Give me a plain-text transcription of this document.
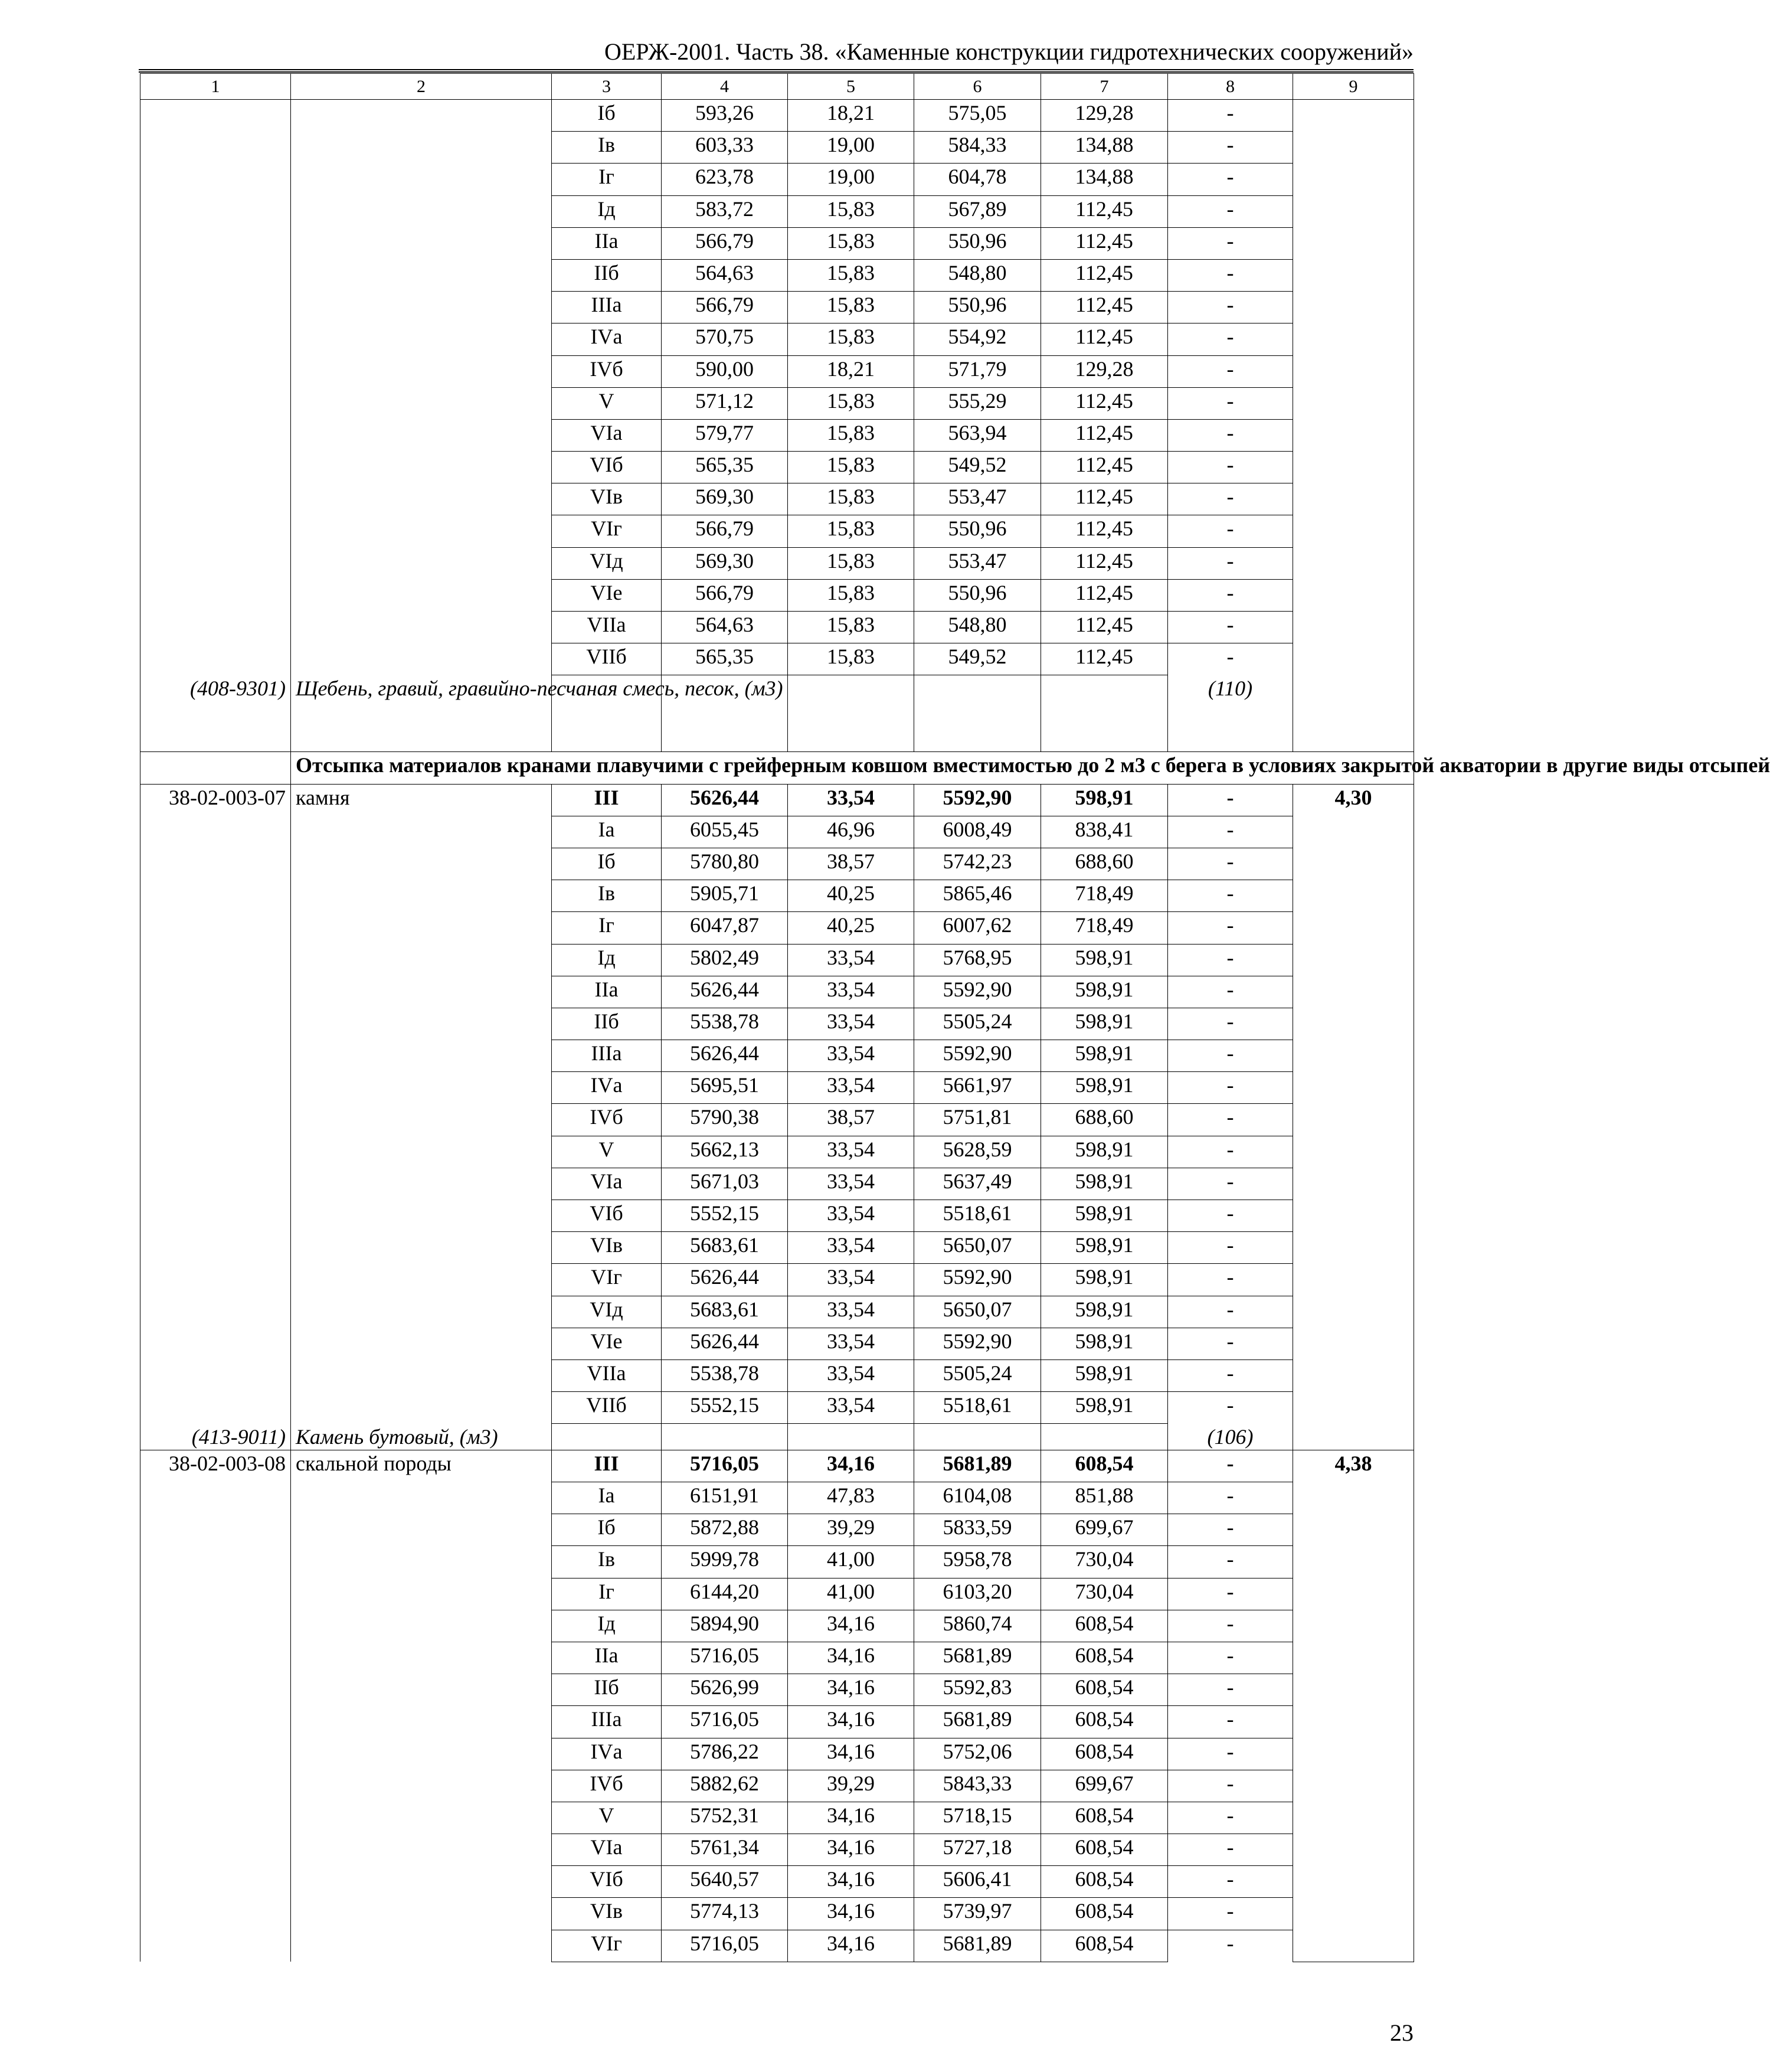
ОЕРЖ-2001. Часть 38. «Каменные конструкции гидротехнических сооружений»
1	2	3	4	5	6	7	8	9
		Iб	593,26	18,21	575,05	129,28	-	
		Iв	603,33	19,00	584,33	134,88	-	
		Iг	623,78	19,00	604,78	134,88	-	
		Iд	583,72	15,83	567,89	112,45	-	
		IIа	566,79	15,83	550,96	112,45	-	
		IIб	564,63	15,83	548,80	112,45	-	
		IIIа	566,79	15,83	550,96	112,45	-	
		IVа	570,75	15,83	554,92	112,45	-	
		IVб	590,00	18,21	571,79	129,28	-	
		V	571,12	15,83	555,29	112,45	-	
		VIа	579,77	15,83	563,94	112,45	-	
		VIб	565,35	15,83	549,52	112,45	-	
		VIв	569,30	15,83	553,47	112,45	-	
		VIг	566,79	15,83	550,96	112,45	-	
		VIд	569,30	15,83	553,47	112,45	-	
		VIе	566,79	15,83	550,96	112,45	-	
		VIIа	564,63	15,83	548,80	112,45	-	
		VIIб	565,35	15,83	549,52	112,45	-	
(408-9301)	Щебень, гравий, гравийно-песчаная смесь, песок, (м3)						(110)	
	Отсыпка материалов кранами плавучими с грейферным ковшом вместимостью до 2 м3 с берега в условиях закрытой акватории в другие виды отсыпей							
38-02-003-07	камня	III	5626,44	33,54	5592,90	598,91	-	4,30
		Iа	6055,45	46,96	6008,49	838,41	-	
		Iб	5780,80	38,57	5742,23	688,60	-	
		Iв	5905,71	40,25	5865,46	718,49	-	
		Iг	6047,87	40,25	6007,62	718,49	-	
		Iд	5802,49	33,54	5768,95	598,91	-	
		IIа	5626,44	33,54	5592,90	598,91	-	
		IIб	5538,78	33,54	5505,24	598,91	-	
		IIIа	5626,44	33,54	5592,90	598,91	-	
		IVа	5695,51	33,54	5661,97	598,91	-	
		IVб	5790,38	38,57	5751,81	688,60	-	
		V	5662,13	33,54	5628,59	598,91	-	
		VIа	5671,03	33,54	5637,49	598,91	-	
		VIб	5552,15	33,54	5518,61	598,91	-	
		VIв	5683,61	33,54	5650,07	598,91	-	
		VIг	5626,44	33,54	5592,90	598,91	-	
		VIд	5683,61	33,54	5650,07	598,91	-	
		VIе	5626,44	33,54	5592,90	598,91	-	
		VIIа	5538,78	33,54	5505,24	598,91	-	
		VIIб	5552,15	33,54	5518,61	598,91	-	
(413-9011)	Камень бутовый, (м3)						(106)	
38-02-003-08	скальной породы	III	5716,05	34,16	5681,89	608,54	-	4,38
		Iа	6151,91	47,83	6104,08	851,88	-	
		Iб	5872,88	39,29	5833,59	699,67	-	
		Iв	5999,78	41,00	5958,78	730,04	-	
		Iг	6144,20	41,00	6103,20	730,04	-	
		Iд	5894,90	34,16	5860,74	608,54	-	
		IIа	5716,05	34,16	5681,89	608,54	-	
		IIб	5626,99	34,16	5592,83	608,54	-	
		IIIа	5716,05	34,16	5681,89	608,54	-	
		IVа	5786,22	34,16	5752,06	608,54	-	
		IVб	5882,62	39,29	5843,33	699,67	-	
		V	5752,31	34,16	5718,15	608,54	-	
		VIа	5761,34	34,16	5727,18	608,54	-	
		VIб	5640,57	34,16	5606,41	608,54	-	
		VIв	5774,13	34,16	5739,97	608,54	-	
		VIг	5716,05	34,16	5681,89	608,54	-	
23
